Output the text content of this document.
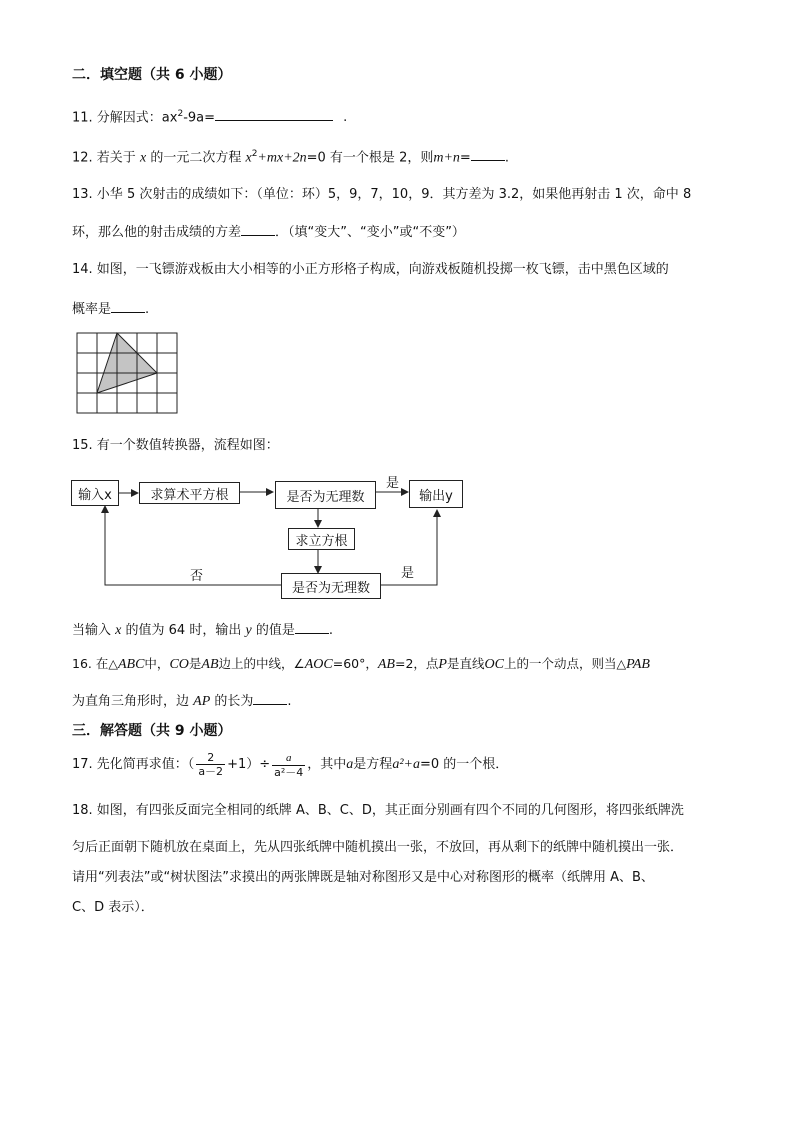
二．填空题（共 6 小题）
11. 分解因式：$ax^2-9a=$	.
12. 若关于 x 的一元二次方程 $x^2+mx+2n=0$ 有一个根是 2，则m+n=	.
13. 小华 5 次射击的成绩如下：（单位：环）5，9，7，10，9．其方差为 3.2，如果他再射击 1 次，命中 8
环，那么他的射击成绩的方差	．（填“变大”、“变小”或“不变”）
14. 如图，一飞镖游戏板由大小相等的小正方形格子构成，向游戏板随机投掷一枚飞镖，击中黑色区域的
概率是	.
15. 有一个数值转换器，流程如图：
输入x	求算术平方根	是否为无理数	输出y
求立方根
是否为无理数
是
是
否
当输入 x 的值为 64 时，输出 y 的值是	.
16. 在△ABC中，CO是AB边上的中线，∠AOC=60°，AB=2，点P是直线OC上的一个动点，则当△PAB
为直角三角形时，边 AP 的长为	.
三．解答题（共 9 小题）
17. 先化简再求值：（ $\frac{2}{a-2} +1)\div \frac{a}{\text{a²－4}}$ ，其中a是方程a²+a=0 的一个根．
18. 如图，有四张反面完全相同的纸牌 A、B、C、D，其正面分别画有四个不同的几何图形，将四张纸牌洗
匀后正面朝下随机放在桌面上，先从四张纸牌中随机摸出一张，不放回，再从剩下的纸牌中随机摸出一张．
请用“列表法”或“树状图法”求摸出的两张牌既是轴对称图形又是中心对称图形的概率（纸牌用 A、B、
C、D 表示）．
